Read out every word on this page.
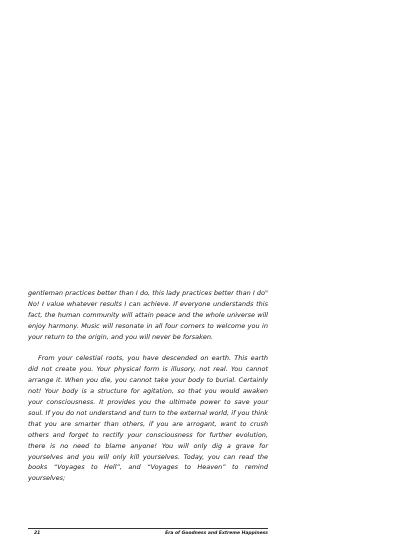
gentleman practices better than I do, this lady practices better than I do" No! I value whatever results I can achieve. If everyone understands this fact, the human community will attain peace and the whole universe will enjoy harmony. Music will resonate in all four corners to welcome you in your return to the origin, and you will never be forsaken.

From your celestial roots, you have descended on earth. This earth did not create you. Your physical form is illusory, not real. You cannot arrange it. When you die, you cannot take your body to burial. Certainly not! Your body is a structure for agitation, so that you would awaken your consciousness. It provides you the ultimate power to save your soul. If you do not understand and turn to the external world, if you think that you are smarter than others, if you are arrogant, want to crush others and forget to rectify your consciousness for further evolution, there is no need to blame anyone! You will only dig a grave for yourselves and you will only kill yourselves. Today, you can read the books “Voyages to Hell”, and “Voyages to Heaven” to remind yourselves;

21	Era of Goodness and Extreme Happiness
